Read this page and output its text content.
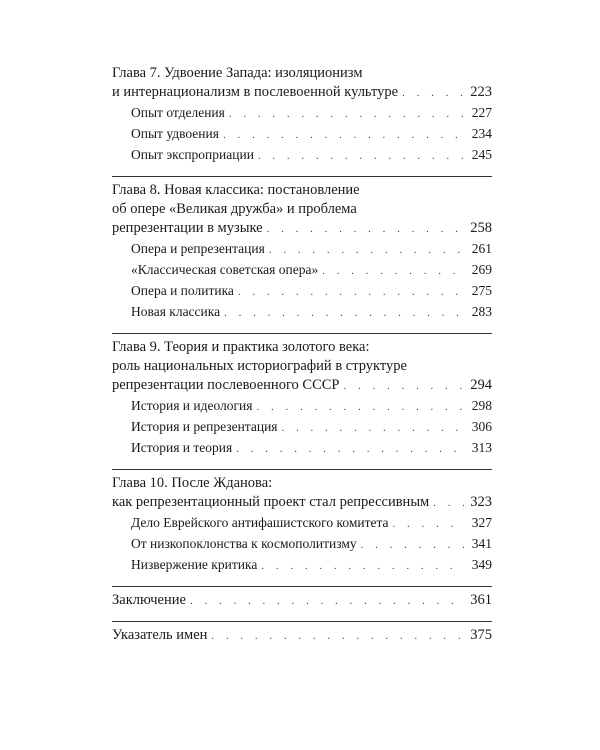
Глава 7. Удвоение Запада: изоляционизм
и интернационализм в послевоенной культуре . . .	223
Опыт отделения . . .	227
Опыт удвоения . . .	234
Опыт экспроприации . . .	245
Глава 8. Новая классика: постановление
об опере «Великая дружба» и проблема
репрезентации в музыке . . .	258
Опера и репрезентация . . .	261
«Классическая советская опера» . . .	269
Опера и политика . . .	275
Новая классика . . .	283
Глава 9. Теория и практика золотого века:
роль национальных историографий в структуре
репрезентации послевоенного СССР . . .	294
История и идеология . . .	298
История и репрезентация . . .	306
История и теория . . .	313
Глава 10. После Жданова:
как репрезентационный проект стал репрессивным . . .	323
Дело Еврейского антифашистского комитета . . .	327
От низкопоклонства к космополитизму . . .	341
Низвержение критика . . .	349
Заключение . . .	361
Указатель имен . . .	375
